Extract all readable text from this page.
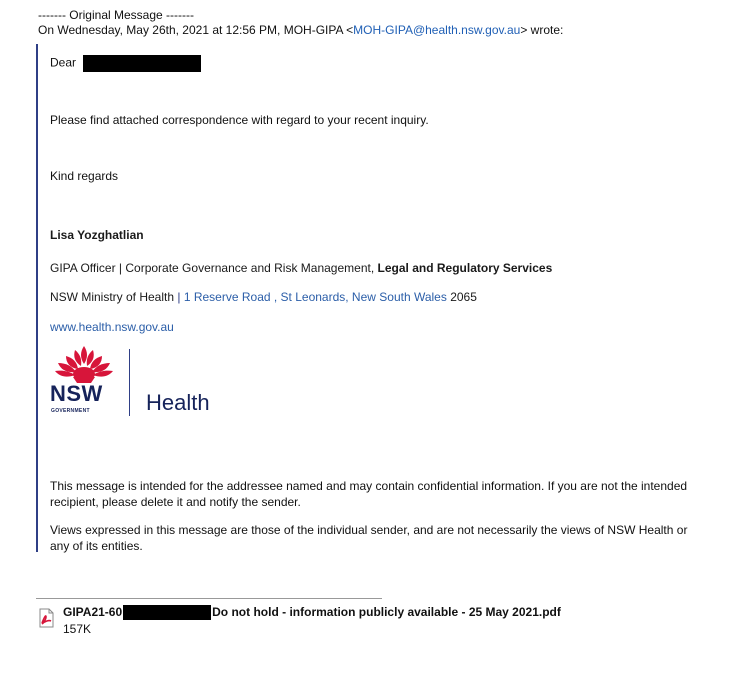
------- Original Message -------
On Wednesday, May 26th, 2021 at 12:56 PM, MOH-GIPA <MOH-GIPA@health.nsw.gov.au> wrote:
Dear
Please find attached correspondence with regard to your recent inquiry.
Kind regards
Lisa Yozghatlian
GIPA Officer | Corporate Governance and Risk Management, Legal and Regulatory Services
NSW Ministry of Health | 1 Reserve Road , St Leonards, New South Wales 2065
www.health.nsw.gov.au
NSW
GOVERNMENT	Health
This message is intended for the addressee named and may contain confidential information. If you are not the intended recipient, please delete it and notify the sender.
Views expressed in this message are those of the individual sender, and are not necessarily the views of NSW Health or any of its entities.
GIPA21-60	Do not hold - information publicly available - 25 May 2021.pdf
157K
